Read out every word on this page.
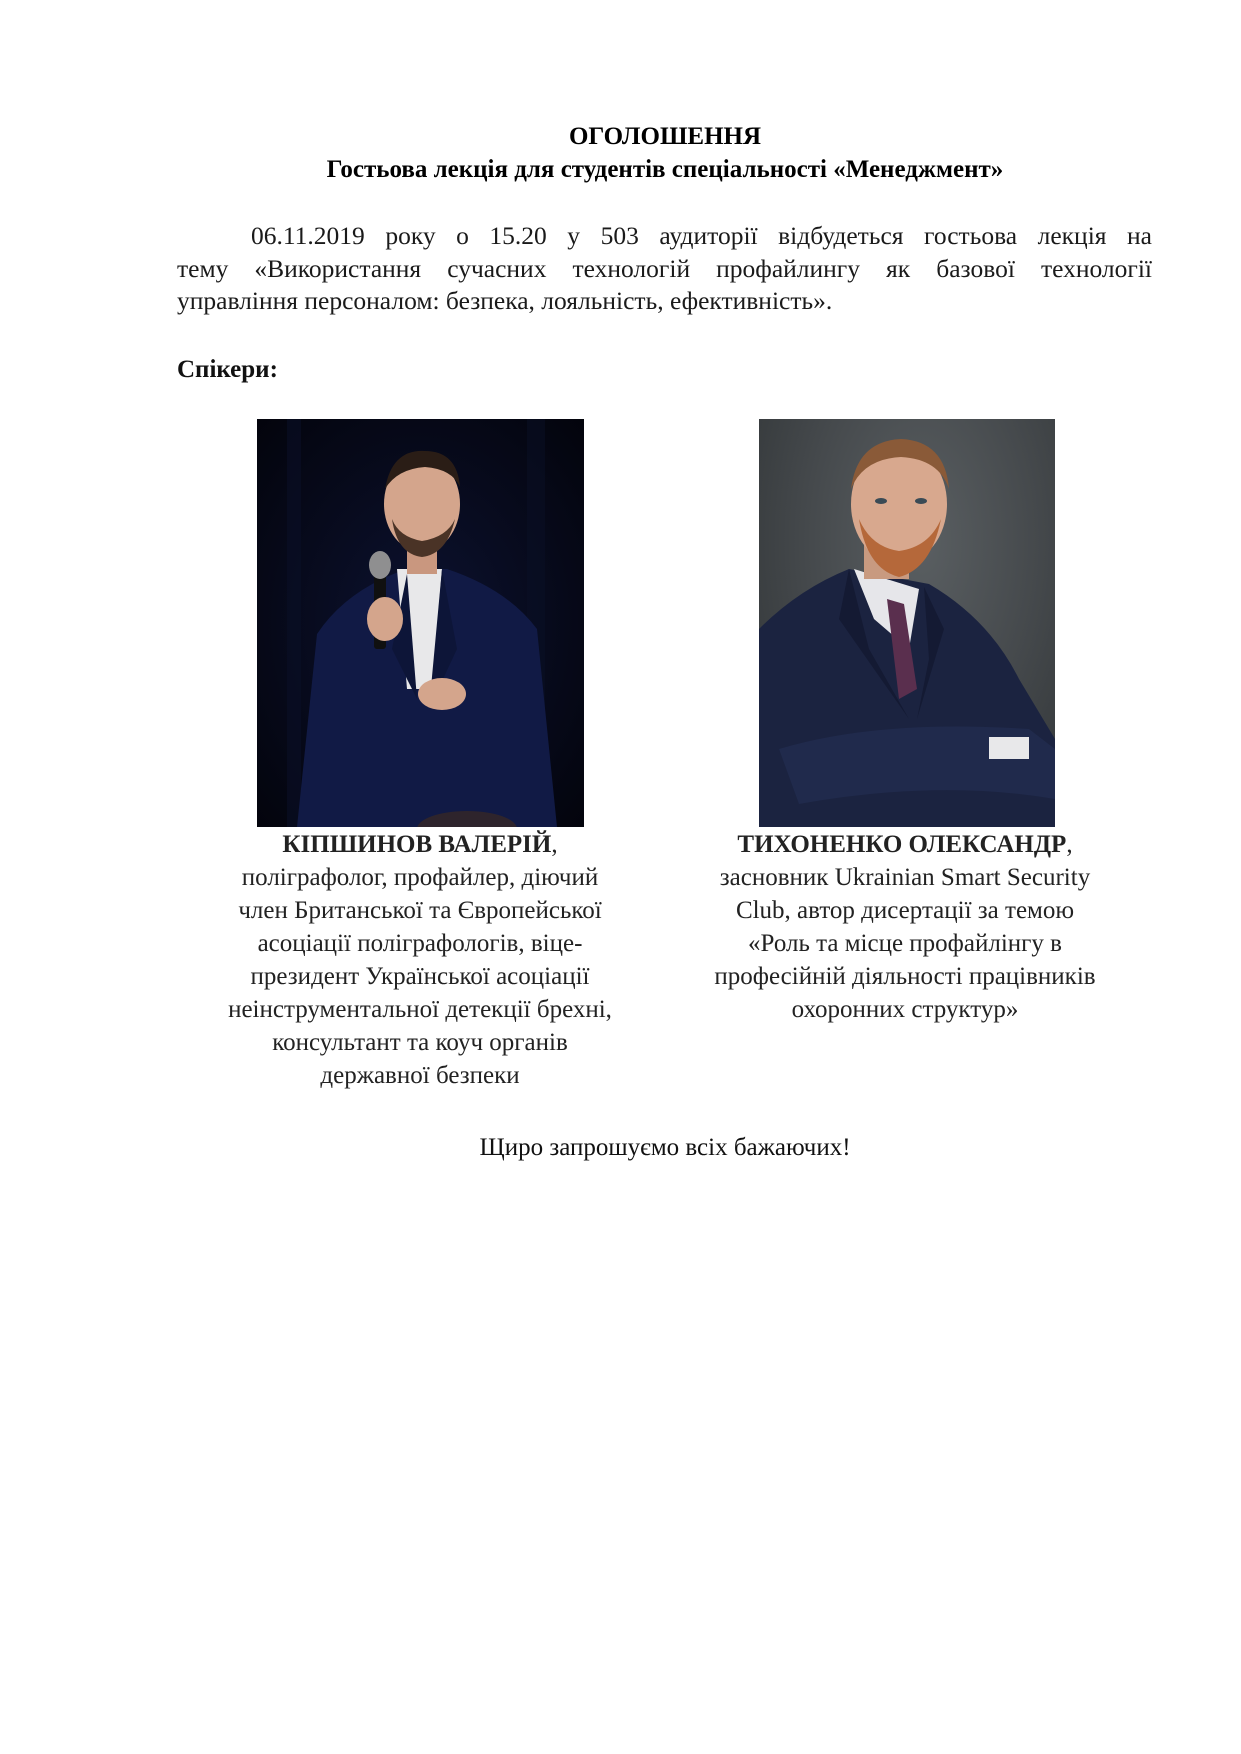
ОГОЛОШЕННЯ
Гостьова лекція для студентів спеціальності «Менеджмент»
06.11.2019 року о 15.20 у 503 аудиторії відбудеться гостьова лекція на
тему «Використання сучасних технологій профайлингу як базової технології
управління персоналом: безпека, лояльність, ефективність».
Спікери:
КІПШИНОВ ВАЛЕРІЙ,
поліграфолог, профайлер, діючий
член Британської та Європейської
асоціації поліграфологів, віце-
президент Української асоціації
неінструментальної детекції брехні,
консультант та коуч органів
державної безпеки
ТИХОНЕНКО ОЛЕКСАНДР,
засновник Ukrainian Smart Security
Club, автор дисертації за темою
«Роль та місце профайлінгу в
професійній діяльності працівників
охоронних структур»
Щиро запрошуємо всіх бажаючих!
